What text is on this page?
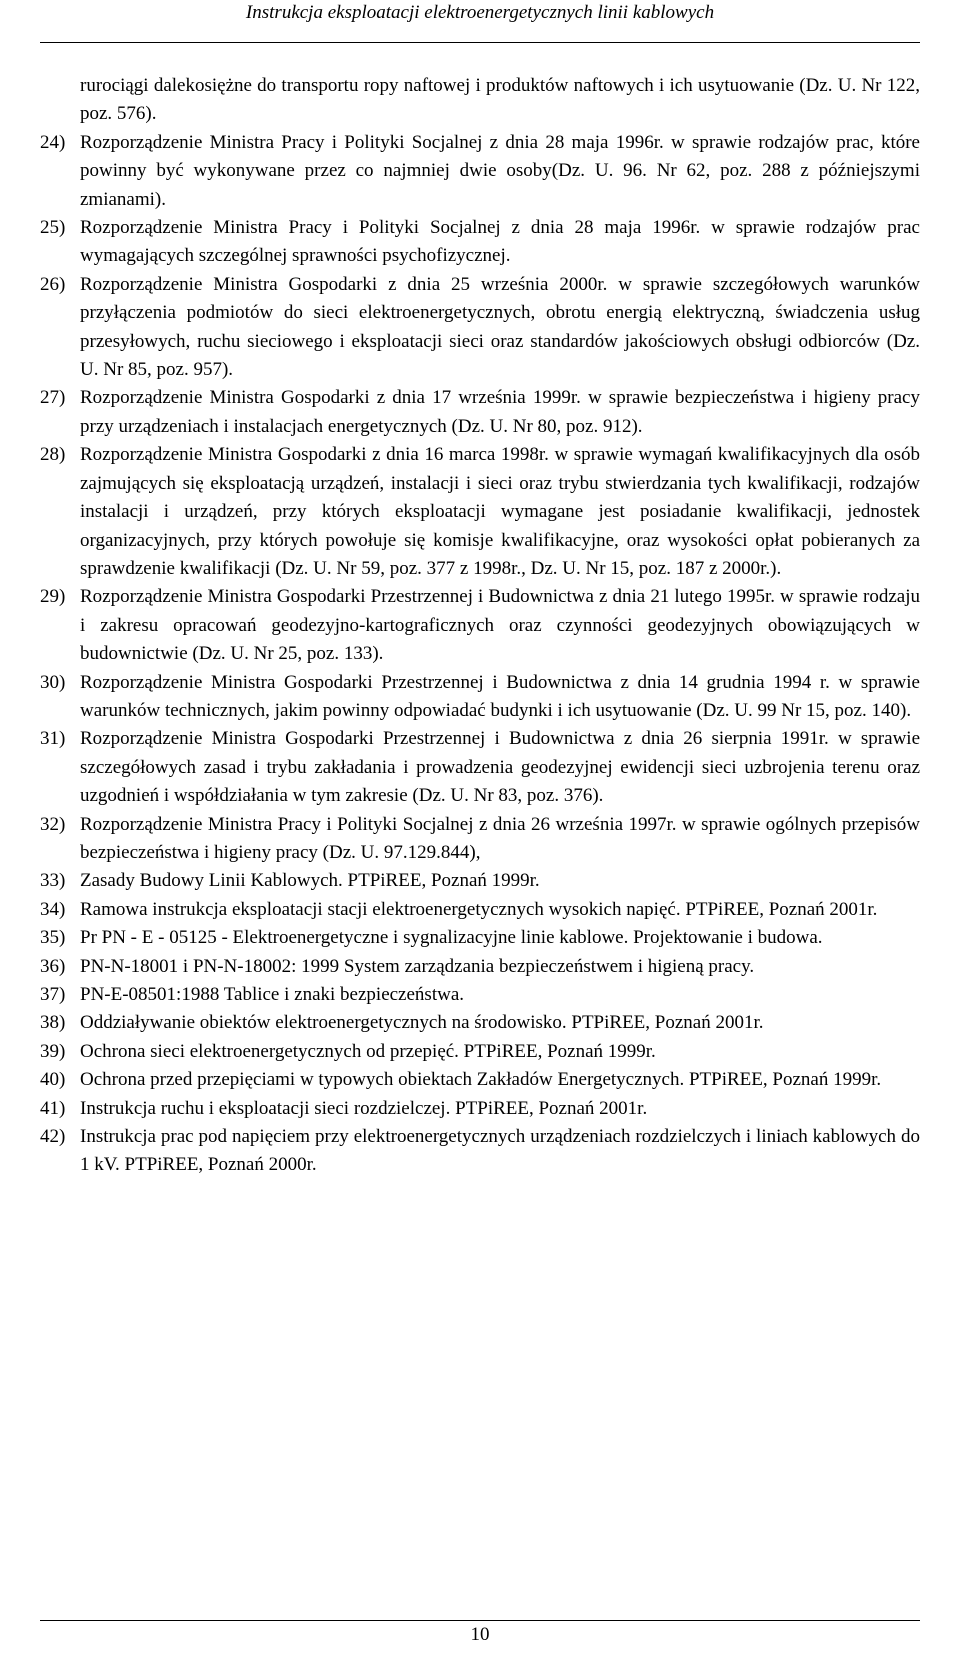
Instrukcja eksploatacji elektroenergetycznych linii kablowych
rurociągi dalekosiężne do transportu ropy naftowej i produktów naftowych i ich usytuowanie (Dz. U. Nr 122, poz. 576).
24) Rozporządzenie Ministra Pracy i Polityki Socjalnej z dnia 28 maja 1996r. w sprawie rodzajów prac, które powinny być wykonywane przez co najmniej dwie osoby(Dz. U. 96. Nr 62, poz. 288 z późniejszymi zmianami).
25) Rozporządzenie Ministra Pracy i Polityki Socjalnej z dnia 28 maja 1996r. w sprawie rodzajów prac wymagających szczególnej sprawności psychofizycznej.
26) Rozporządzenie Ministra Gospodarki z dnia 25 września 2000r. w sprawie szczegółowych warunków przyłączenia podmiotów do sieci elektroenergetycznych, obrotu energią elektryczną, świadczenia usług przesyłowych, ruchu sieciowego i eksploatacji sieci oraz standardów jakościowych obsługi odbiorców (Dz. U. Nr 85, poz. 957).
27) Rozporządzenie Ministra Gospodarki z dnia 17 września 1999r. w sprawie bezpieczeństwa i higieny pracy przy urządzeniach i instalacjach energetycznych (Dz. U. Nr 80, poz. 912).
28) Rozporządzenie Ministra Gospodarki z dnia 16 marca 1998r. w sprawie wymagań kwalifikacyjnych dla osób zajmujących się eksploatacją urządzeń, instalacji i sieci oraz trybu stwierdzania tych kwalifikacji, rodzajów instalacji i urządzeń, przy których eksploatacji wymagane jest posiadanie kwalifikacji, jednostek organizacyjnych, przy których powołuje się komisje kwalifikacyjne, oraz wysokości opłat pobieranych za sprawdzenie kwalifikacji (Dz. U. Nr 59, poz. 377 z 1998r., Dz. U. Nr 15, poz. 187 z 2000r.).
29) Rozporządzenie Ministra Gospodarki Przestrzennej i Budownictwa z dnia 21 lutego 1995r. w sprawie rodzaju i zakresu opracowań geodezyjno-kartograficznych oraz czynności geodezyjnych obowiązujących w budownictwie (Dz. U. Nr 25, poz. 133).
30) Rozporządzenie Ministra Gospodarki Przestrzennej i Budownictwa z dnia 14 grudnia 1994 r. w sprawie warunków technicznych, jakim powinny odpowiadać budynki i ich usytuowanie (Dz. U. 99 Nr 15, poz. 140).
31) Rozporządzenie Ministra Gospodarki Przestrzennej i Budownictwa z dnia 26 sierpnia 1991r. w sprawie szczegółowych zasad i trybu zakładania i prowadzenia geodezyjnej ewidencji sieci uzbrojenia terenu oraz uzgodnień i współdziałania w tym zakresie (Dz. U. Nr 83, poz. 376).
32) Rozporządzenie Ministra Pracy i Polityki Socjalnej z dnia 26 września 1997r. w sprawie ogólnych przepisów bezpieczeństwa i higieny pracy (Dz. U. 97.129.844),
33) Zasady Budowy Linii Kablowych. PTPiREE, Poznań 1999r.
34) Ramowa instrukcja eksploatacji stacji elektroenergetycznych wysokich napięć. PTPiREE, Poznań 2001r.
35) Pr PN - E - 05125 - Elektroenergetyczne i sygnalizacyjne linie kablowe. Projektowanie i budowa.
36) PN-N-18001 i PN-N-18002: 1999 System zarządzania bezpieczeństwem i higieną pracy.
37) PN-E-08501:1988 Tablice i znaki bezpieczeństwa.
38) Oddziaływanie obiektów elektroenergetycznych na środowisko. PTPiREE, Poznań 2001r.
39) Ochrona sieci elektroenergetycznych od przepięć. PTPiREE, Poznań 1999r.
40) Ochrona przed przepięciami w typowych obiektach Zakładów Energetycznych. PTPiREE, Poznań 1999r.
41) Instrukcja ruchu i eksploatacji sieci rozdzielczej. PTPiREE, Poznań 2001r.
42) Instrukcja prac pod napięciem przy elektroenergetycznych urządzeniach rozdzielczych i liniach kablowych do 1 kV. PTPiREE, Poznań 2000r.
10
